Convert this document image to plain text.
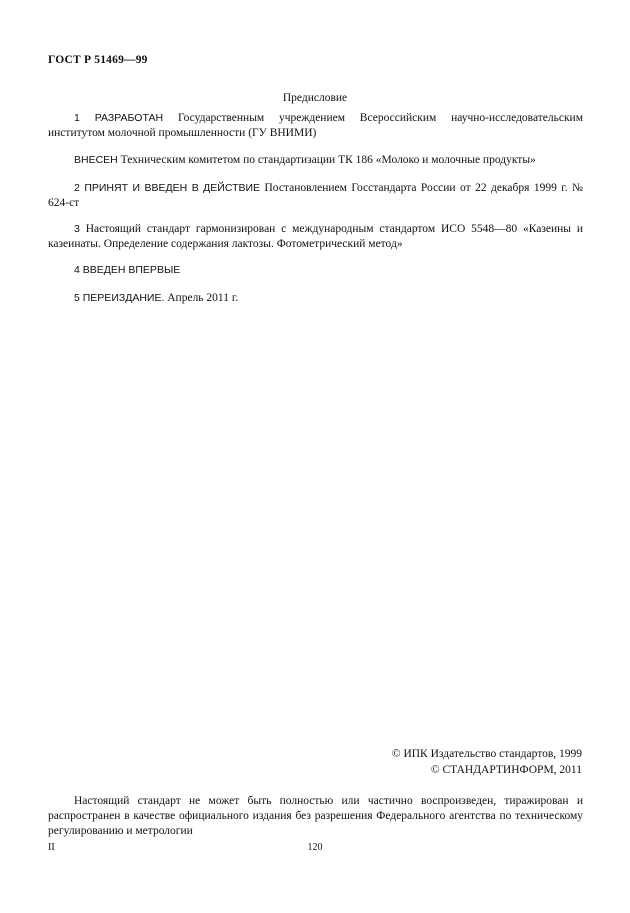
ГОСТ Р 51469—99
Предисловие
1 РАЗРАБОТАН Государственным учреждением Всероссийским научно-исследовательским институтом молочной промышленности (ГУ ВНИМИ)
ВНЕСЕН Техническим комитетом по стандартизации ТК 186 «Молоко и молочные продукты»
2 ПРИНЯТ И ВВЕДЕН В ДЕЙСТВИЕ Постановлением Госстандарта России от 22 декабря 1999 г. № 624-ст
3 Настоящий стандарт гармонизирован с международным стандартом ИСО 5548—80 «Казеины и казеинаты. Определение содержания лактозы. Фотометрический метод»
4 ВВЕДЕН ВПЕРВЫЕ
5 ПЕРЕИЗДАНИЕ. Апрель 2011 г.
© ИПК Издательство стандартов, 1999
© СТАНДАРТИНФОРМ, 2011
Настоящий стандарт не может быть полностью или частично воспроизведен, тиражирован и распространен в качестве официального издания без разрешения Федерального агентства по техническому регулированию и метрологии
II	120
